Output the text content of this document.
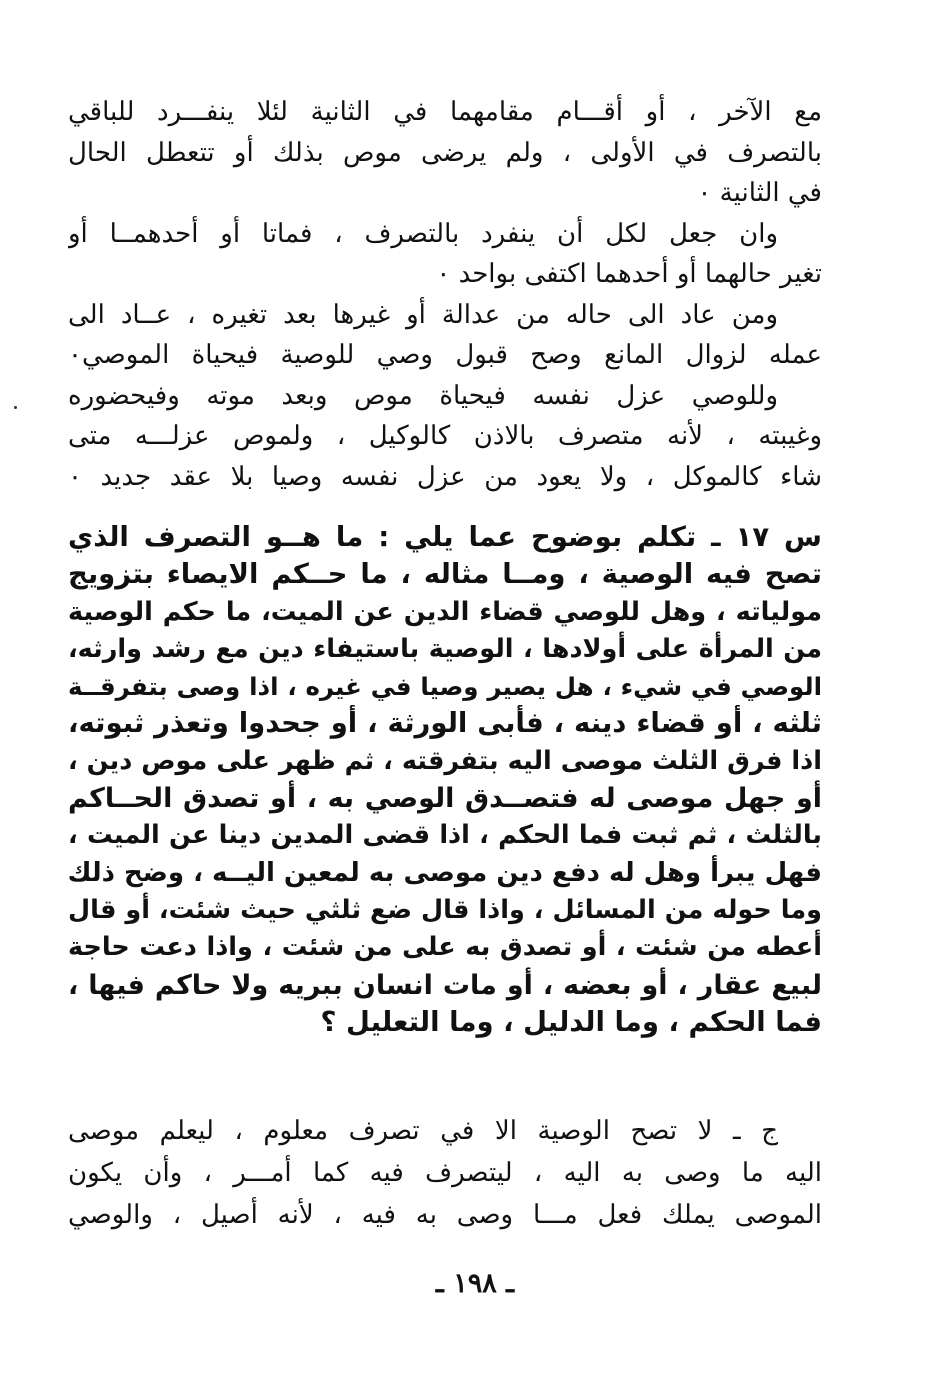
مع الآخر ، أو أقـــام مقامهما في الثانية لئلا ينفـــرد للباقي
بالتصرف في الأولى ، ولم يرضى موص بذلك أو تتعطل الحال
في الثانية ٠
وان جعل لكل أن ينفرد بالتصرف ، فماتا أو أحدهمــا أو
تغير حالهما أو أحدهما اكتفى بواحد ٠
ومن عاد الى حاله من عدالة أو غيرها بعد تغيره ، عــاد الى
عمله لزوال المانع وصح قبول وصي للوصية فيحياة الموصي٠
وللوصي عزل نفسه فيحياة موص وبعد موته وفيحضوره
وغيبته ، لأنه متصرف بالاذن كالوكيل ، ولموص عزلـــه متى
شاء كالموكل ، ولا يعود من عزل نفسه وصيا بلا عقد جديد ٠
س ١٧ ـ تكلم بوضوح عما يلي : ما هــو التصرف الذي
تصح فيه الوصية ، ومــا مثاله ، ما حــكم الايصاء بتزويج
مولياته ، وهل للوصي قضاء الدين عن الميت، ما حكم الوصية
من المرأة على أولادها ، الوصية باستيفاء دين مع رشد وارثه،
الوصي في شيء ، هل يصير وصيا في غيره ، اذا وصى بتفرقــة
ثلثه ، أو قضاء دينه ، فأبى الورثة ، أو جحدوا وتعذر ثبوته،
اذا فرق الثلث موصى اليه بتفرقته ، ثم ظهر على موص دين ،
أو جهل موصى له فتصــدق الوصي به ، أو تصدق الحــاكم
بالثلث ، ثم ثبت فما الحكم ، اذا قضى المدين دينا عن الميت ،
فهل يبرأ وهل له دفع دين موصى به لمعين اليــه ، وضح ذلك
وما حوله من المسائل ، واذا قال ضع ثلثي حيث شئت، أو قال
أعطه من شئت ، أو تصدق به على من شئت ، واذا دعت حاجة
لبيع عقار ، أو بعضه ، أو مات انسان ببريه ولا حاكم فيها ،
فما الحكم ، وما الدليل ، وما التعليل ؟
ج ـ لا تصح الوصية الا في تصرف معلوم ، ليعلم موصى
اليه ما وصى به اليه ، ليتصرف فيه كما أمـــر ، وأن يكون
الموصى يملك فعل مـــا وصى به فيه ، لأنه أصيل ، والوصي
ـ ١٩٨ ـ
